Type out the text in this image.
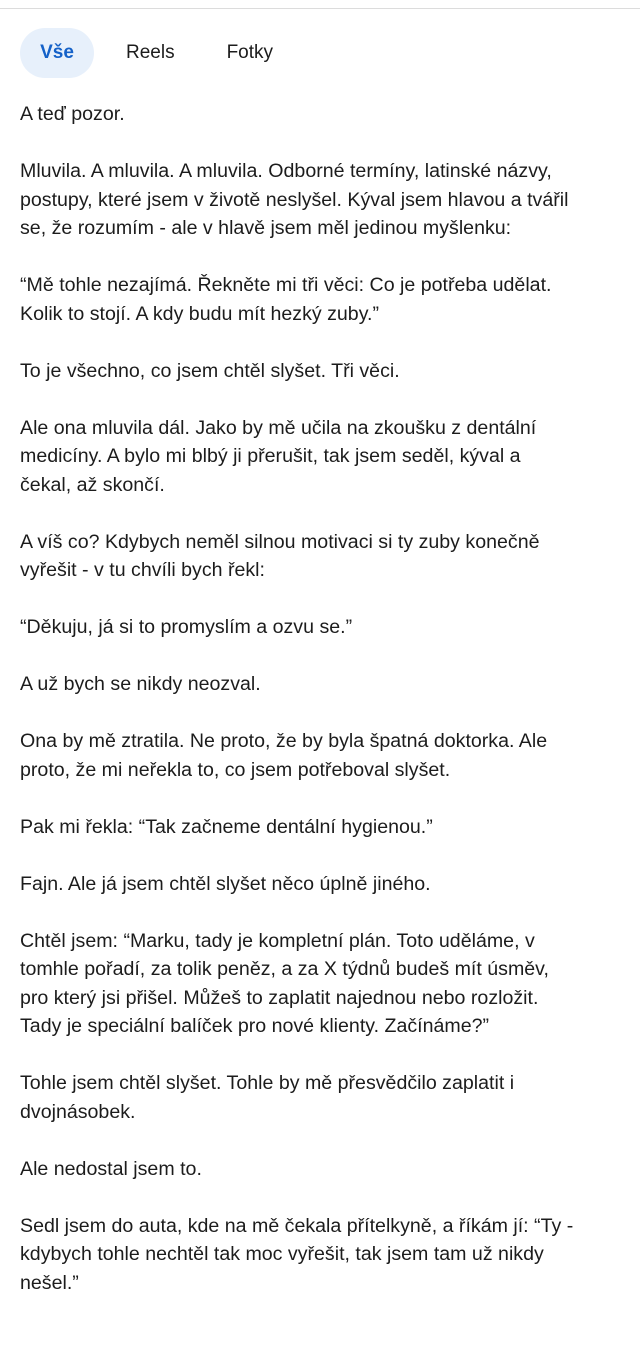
Vše	Reels	Fotky

A teď pozor.

Mluvila. A mluvila. A mluvila. Odborné termíny, latinské názvy,
postupy, které jsem v životě neslyšel. Kýval jsem hlavou a tvářil
se, že rozumím - ale v hlavě jsem měl jedinou myšlenku:

“Mě tohle nezajímá. Řekněte mi tři věci: Co je potřeba udělat.
Kolik to stojí. A kdy budu mít hezký zuby.”

To je všechno, co jsem chtěl slyšet. Tři věci.

Ale ona mluvila dál. Jako by mě učila na zkoušku z dentální
medicíny. A bylo mi blbý ji přerušit, tak jsem seděl, kýval a
čekal, až skončí.

A víš co? Kdybych neměl silnou motivaci si ty zuby konečně
vyřešit - v tu chvíli bych řekl:

“Děkuju, já si to promyslím a ozvu se.”

A už bych se nikdy neozval.

Ona by mě ztratila. Ne proto, že by byla špatná doktorka. Ale
proto, že mi neřekla to, co jsem potřeboval slyšet.

Pak mi řekla: “Tak začneme dentální hygienou.”

Fajn. Ale já jsem chtěl slyšet něco úplně jiného.

Chtěl jsem: “Marku, tady je kompletní plán. Toto uděláme, v
tomhle pořadí, za tolik peněz, a za X týdnů budeš mít úsměv,
pro který jsi přišel. Můžeš to zaplatit najednou nebo rozložit.
Tady je speciální balíček pro nové klienty. Začínáme?”

Tohle jsem chtěl slyšet. Tohle by mě přesvědčilo zaplatit i
dvojnásobek.

Ale nedostal jsem to.

Sedl jsem do auta, kde na mě čekala přítelkyně, a říkám jí: “Ty -
kdybych tohle nechtěl tak moc vyřešit, tak jsem tam už nikdy
nešel.”
